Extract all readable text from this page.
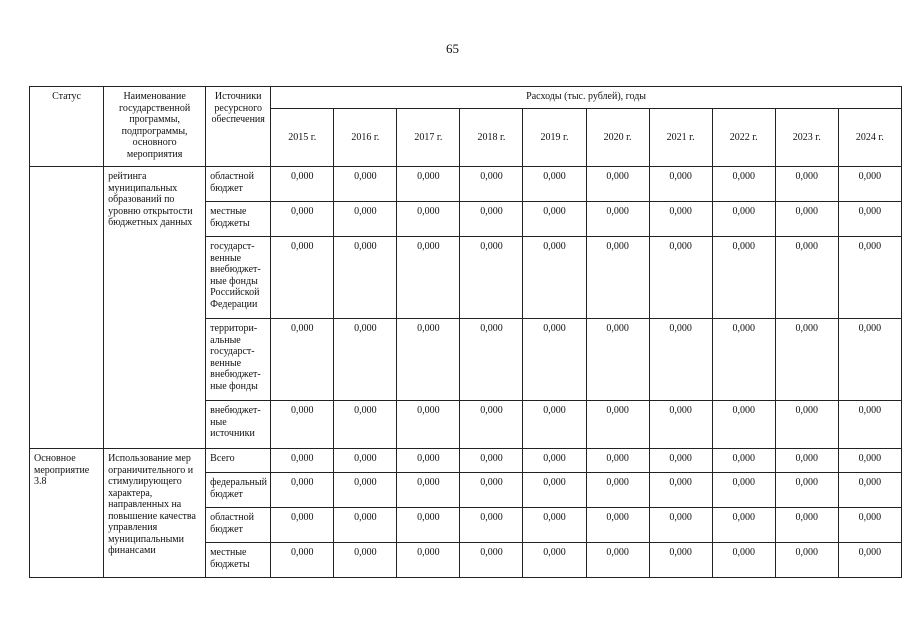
65
Статус	Наименование государственной программы, подпрограммы, основного мероприятия	Источники ресурсного обеспечения	Расходы (тыс. рублей), годы									
			2015 г.	2016 г.	2017 г.	2018 г.	2019 г.	2020 г.	2021 г.	2022 г.	2023 г.	2024 г.
	рейтинга муниципальных образований по уровню открытости бюджетных данных	областной бюджет	0,000	0,000	0,000	0,000	0,000	0,000	0,000	0,000	0,000	0,000
		местные бюджеты	0,000	0,000	0,000	0,000	0,000	0,000	0,000	0,000	0,000	0,000
		государст-венные внебюджет-ные фонды Российской Федерации	0,000	0,000	0,000	0,000	0,000	0,000	0,000	0,000	0,000	0,000
		территори-альные государст-венные внебюджет-ные фонды	0,000	0,000	0,000	0,000	0,000	0,000	0,000	0,000	0,000	0,000
		внебюджет-ные источники	0,000	0,000	0,000	0,000	0,000	0,000	0,000	0,000	0,000	0,000
Основное мероприятие 3.8	Использование мер ограничительного и стимулирующего характера, направленных на повышение качества управления муниципальными финансами	Всего	0,000	0,000	0,000	0,000	0,000	0,000	0,000	0,000	0,000	0,000
		федеральный бюджет	0,000	0,000	0,000	0,000	0,000	0,000	0,000	0,000	0,000	0,000
		областной бюджет	0,000	0,000	0,000	0,000	0,000	0,000	0,000	0,000	0,000	0,000
		местные бюджеты	0,000	0,000	0,000	0,000	0,000	0,000	0,000	0,000	0,000	0,000
